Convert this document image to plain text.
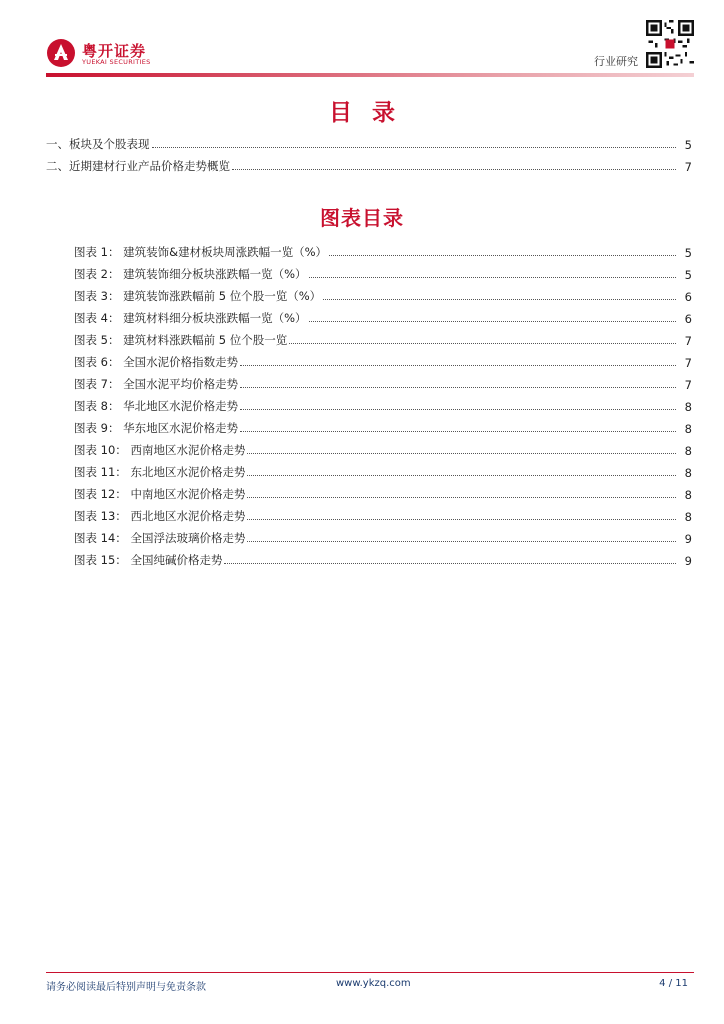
粤开证券
YUEKAI SECURITIES	行业研究
目录
一、板块及个股表现	5
二、近期建材行业产品价格走势概览	7
图表目录
图表 1： 建筑装饰&建材板块周涨跌幅一览（%）	5
图表 2： 建筑装饰细分板块涨跌幅一览（%）	5
图表 3： 建筑装饰涨跌幅前 5 位个股一览（%）	6
图表 4： 建筑材料细分板块涨跌幅一览（%）	6
图表 5： 建筑材料涨跌幅前 5 位个股一览	7
图表 6： 全国水泥价格指数走势	7
图表 7： 全国水泥平均价格走势	7
图表 8： 华北地区水泥价格走势	8
图表 9： 华东地区水泥价格走势	8
图表 10： 西南地区水泥价格走势	8
图表 11： 东北地区水泥价格走势	8
图表 12： 中南地区水泥价格走势	8
图表 13： 西北地区水泥价格走势	8
图表 14： 全国浮法玻璃价格走势	9
图表 15： 全国纯碱价格走势	9
请务必阅读最后特别声明与免责条款	www.ykzq.com	4 / 11
